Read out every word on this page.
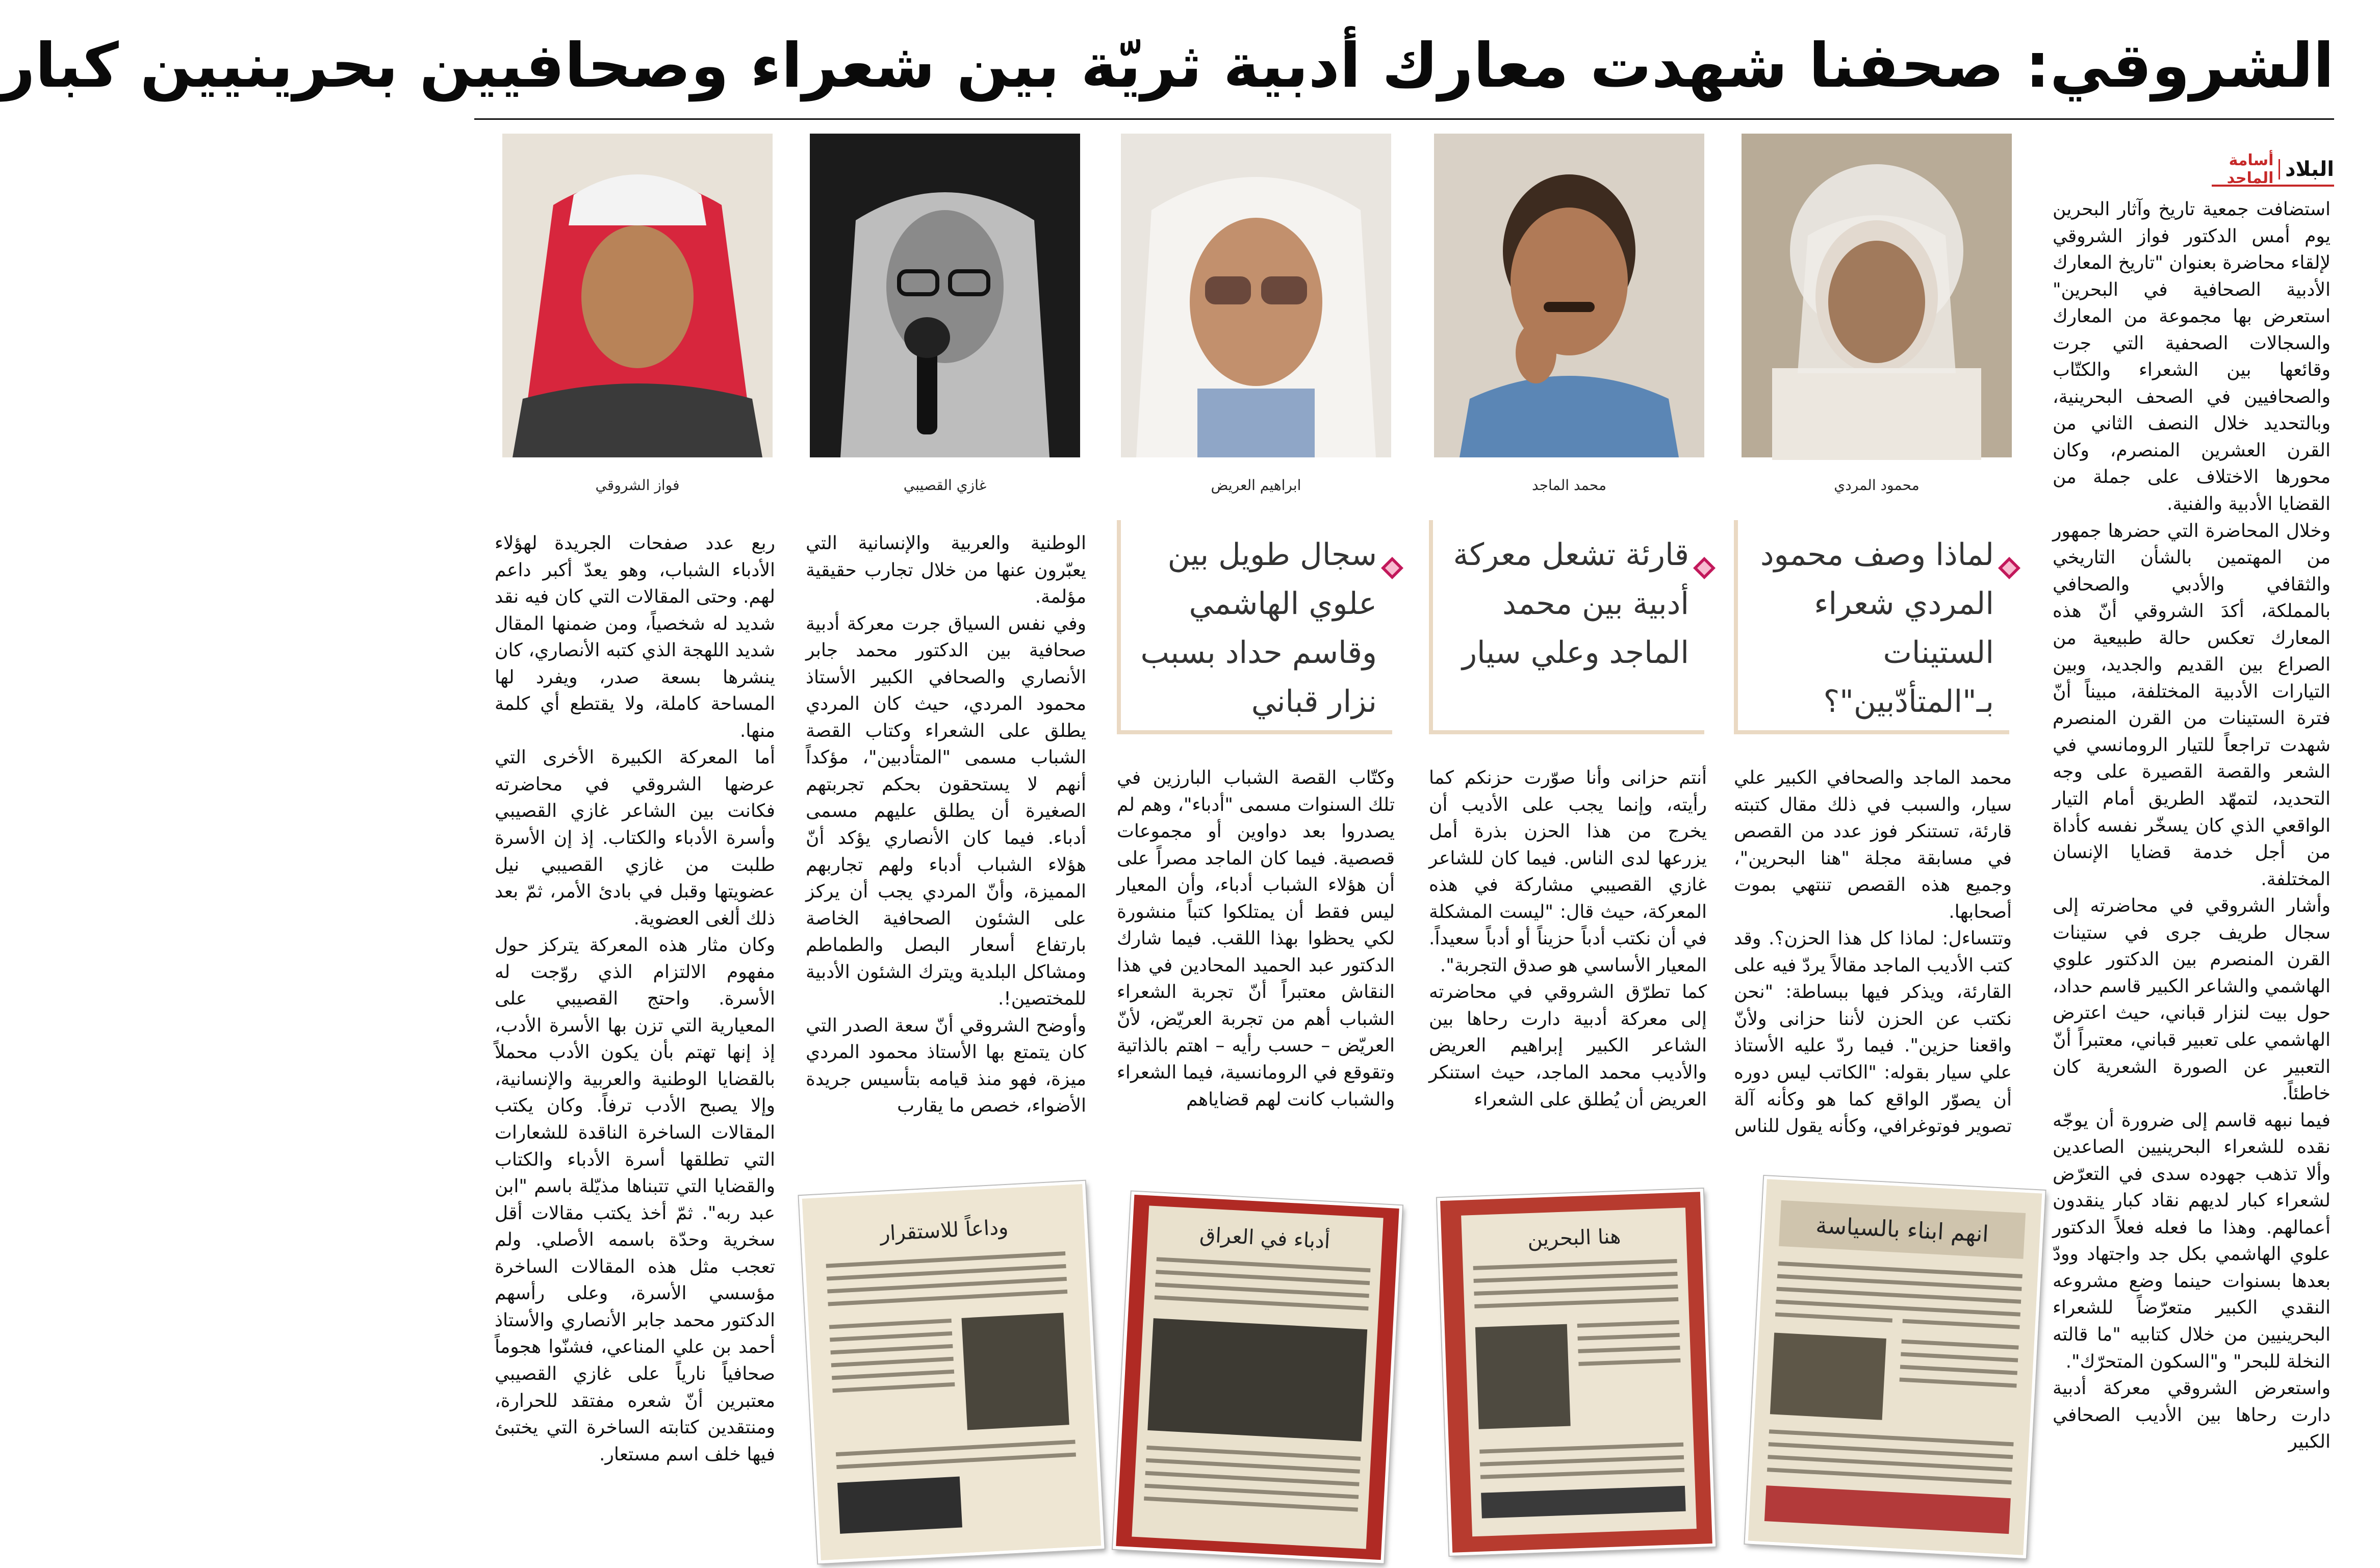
الشروقي: صحفنا شهدت معارك أدبية ثريّة بين شعراء وصحافيين بحرينيين كبار
البلاد
أسامة الماجد
محمود المردي
محمد الماجد
ابراهيم العريض
غازي القصيبي
فواز الشروقي
لماذا وصف محمود المردي شعراء الستينات بـ"المتأدّبين"؟
قارئة تشعل معركة أدبية بين محمد الماجد وعلي سيار
سجال طويل بين علوي الهاشمي وقاسم حداد بسبب نزار قباني
استضافت جمعية تاريخ وآثار البحرين يوم أمس الدكتور فواز الشروقي لإلقاء محاضرة بعنوان "تاريخ المعارك الأدبية الصحافية في البحرين" استعرض بها مجموعة من المعارك والسجالات الصحفية التي جرت وقائعها بين الشعراء والكتّاب والصحافيين في الصحف البحرينية، وبالتحديد خلال النصف الثاني من القرن العشرين المنصرم، وكان محورها الاختلاف على جملة من القضايا الأدبية والفنية.
وخلال المحاضرة التي حضرها جمهور من المهتمين بالشأن التاريخي والثقافي والأدبي والصحافي بالمملكة، أكدَ الشروقي أنّ هذه المعارك تعكس حالة طبيعية من الصراع بين القديم والجديد، وبين التيارات الأدبية المختلفة، مبيناً أنّ فترة الستينات من القرن المنصرم شهدت تراجعاً للتيار الرومانسي في الشعر والقصة القصيرة على وجه التحديد، لتمهّد الطريق أمام التيار الواقعي الذي كان يسخّر نفسه كأداة من أجل خدمة قضايا الإنسان المختلفة.
وأشار الشروقي في محاضرته إلى سجال طريف جرى في ستينات القرن المنصرم بين الدكتور علوي الهاشمي والشاعر الكبير قاسم حداد، حول بيت لنزار قباني، حيث اعترض الهاشمي على تعبير قباني، معتبراً أنّ التعبير عن الصورة الشعرية كان خاطئاً.
فيما نبهه قاسم إلى ضرورة أن يوجّه نقده للشعراء البحرينيين الصاعدين وألا تذهب جهوده سدى في التعرّض لشعراء كبار لديهم نقاد كبار ينقدون أعمالهم. وهذا ما فعله فعلاً الدكتور علوي الهاشمي بكل جد واجتهاد وودّ بعدها بسنوات حينما وضع مشروعه النقدي الكبير متعرّضاً للشعراء البحرينيين من خلال كتابيه "ما قالته النخلة للبحر" و"السكون المتحرّك".
واستعرض الشروقي معركة أدبية دارت رحاها بين الأديب الصحافي الكبير
محمد الماجد والصحافي الكبير علي سيار، والسبب في ذلك مقال كتبته قارئة، تستنكر فوز عدد من القصص في مسابقة مجلة "هنا البحرين"، وجميع هذه القصص تنتهي بموت أصحابها.
وتتساءل: لماذا كل هذا الحزن؟. وقد كتب الأديب الماجد مقالاً يردّ فيه على القارئة، ويذكر فيها ببساطة: "نحن نكتب عن الحزن لأننا حزانى ولأنّ واقعنا حزين". فيما ردّ عليه الأستاذ علي سيار بقوله: "الكاتب ليس دوره أن يصوّر الواقع كما هو وكأنه آلة تصوير فوتوغرافي، وكأنه يقول للناس
أنتم حزانى وأنا صوّرت حزنكم كما رأيته، وإنما يجب على الأديب أن يخرج من هذا الحزن بذرة أمل يزرعها لدى الناس. فيما كان للشاعر غازي القصيبي مشاركة في هذه المعركة، حيث قال: "ليست المشكلة في أن نكتب أدباً حزيناً أو أدباً سعيداً. المعيار الأساسي هو صدق التجربة".
كما تطرّق الشروقي في محاضرته إلى معركة أدبية دارت رحاها بين الشاعر الكبير إبراهيم العريض والأديب محمد الماجد، حيث استنكر العريض أن يُطلق على الشعراء
وكتّاب القصة الشباب البارزين في تلك السنوات مسمى "أدباء"، وهم لم يصدروا بعد دواوين أو مجموعات قصصية. فيما كان الماجد مصراً على أن هؤلاء الشباب أدباء، وأن المعيار ليس فقط أن يمتلكوا كتباً منشورة لكي يحظوا بهذا اللقب. فيما شارك الدكتور عبد الحميد المحادين في هذا النقاش معتبراً أنّ تجربة الشعراء الشباب أهم من تجربة العريّض، لأنّ العريّض – حسب رأيه – اهتم بالذاتية وتقوقع في الرومانسية، فيما الشعراء والشباب كانت لهم قضاياهم
الوطنية والعربية والإنسانية التي يعبّرون عنها من خلال تجارب حقيقية مؤلمة.
وفي نفس السياق جرت معركة أدبية صحافية بين الدكتور محمد جابر الأنصاري والصحافي الكبير الأستاذ محمود المردي، حيث كان المردي يطلق على الشعراء وكتاب القصة الشباب مسمى "المتأدبين"، مؤكداً أنهم لا يستحقون بحكم تجربتهم الصغيرة أن يطلق عليهم مسمى أدباء. فيما كان الأنصاري يؤكد أنّ هؤلاء الشباب أدباء ولهم تجاربهم المميزة، وأنّ المردي يجب أن يركز على الشئون الصحافية الخاصة بارتفاع أسعار البصل والطماطم ومشاكل البلدية ويترك الشئون الأدبية للمختصين!.
وأوضح الشروقي أنّ سعة الصدر التي كان يتمتع بها الأستاذ محمود المردي ميزة، فهو منذ قيامه بتأسيس جريدة الأضواء، خصص ما يقارب
ربع عدد صفحات الجريدة لهؤلاء الأدباء الشباب، وهو يعدّ أكبر داعم لهم. وحتى المقالات التي كان فيه نقد شديد له شخصياً، ومن ضمنها المقال شديد اللهجة الذي كتبه الأنصاري، كان ينشرها بسعة صدر، ويفرد لها المساحة كاملة، ولا يقتطع أي كلمة منها.
أما المعركة الكبيرة الأخرى التي عرضها الشروقي في محاضرته فكانت بين الشاعر غازي القصيبي وأسرة الأدباء والكتاب. إذ إن الأسرة طلبت من غازي القصيبي نيل عضويتها وقبل في بادئ الأمر، ثمّ بعد ذلك ألغى العضوية.
وكان مثار هذه المعركة يتركز حول مفهوم الالتزام الذي روّجت له الأسرة. واحتج القصيبي على المعيارية التي تزن بها الأسرة الأدب، إذ إنها تهتم بأن يكون الأدب محملاً بالقضايا الوطنية والعربية والإنسانية، وإلا يصبح الأدب ترفاً. وكان يكتب المقالات الساخرة الناقدة للشعارات التي تطلقها أسرة الأدباء والكتاب والقضايا التي تتبناها مذيّلة باسم "ابن عبد ربه". ثمّ أخذ يكتب مقالات أقل سخرية وحدّة باسمه الأصلي. ولم تعجب مثل هذه المقالات الساخرة مؤسسي الأسرة، وعلى رأسهم الدكتور محمد جابر الأنصاري والأستاذ أحمد بن علي المناعي، فشنّوا هجوماً صحافياً نارياً على غازي القصيبي معتبرين أنّ شعره مفتقد للحرارة، ومنتقدين كتابته الساخرة التي يختبئ فيها خلف اسم مستعار.
انهم ابناء بالسياسة
هنا البحرين
أدباء في العراق
وداعاً للاستقرار
